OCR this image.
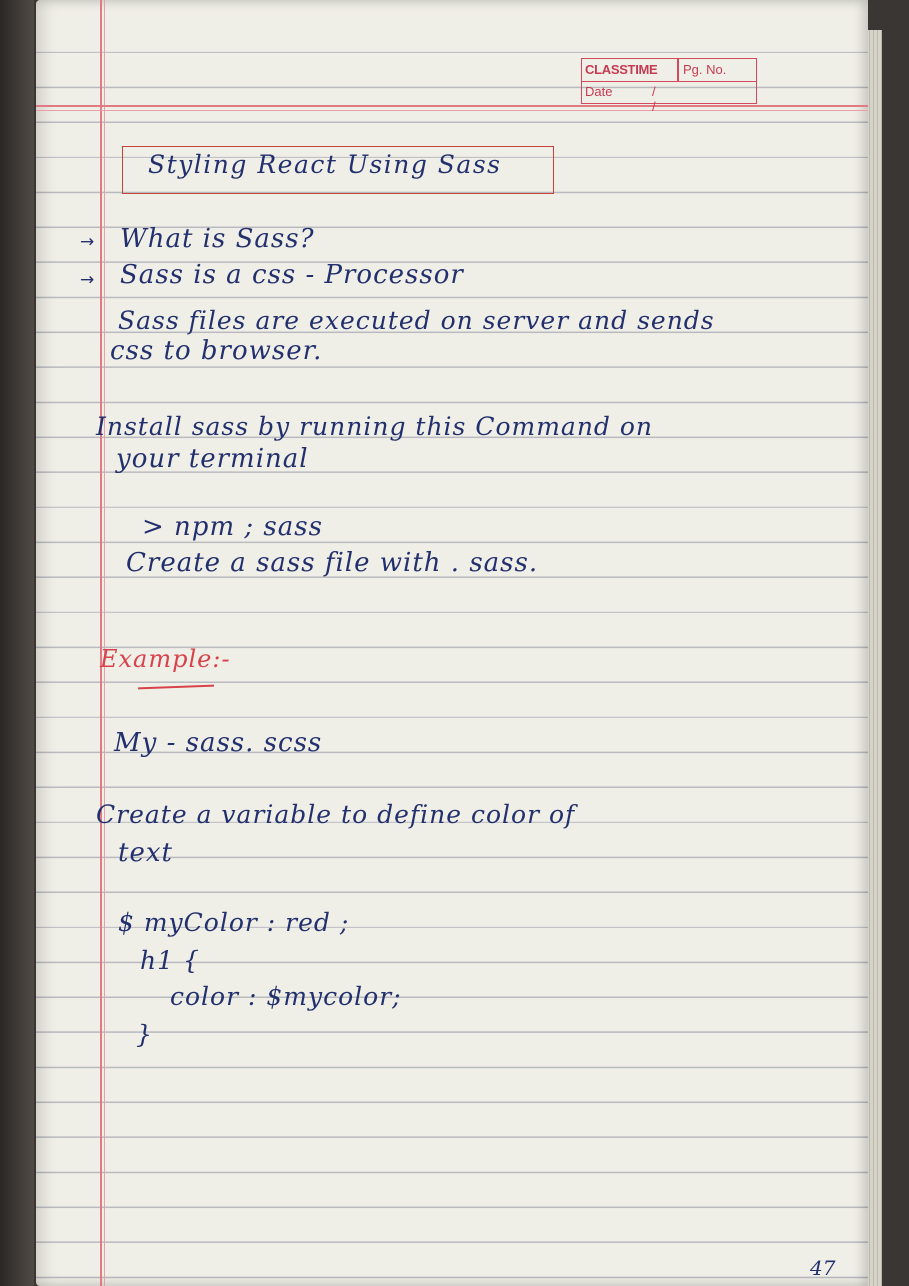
CLASSTIME Pg. No.
Date	/ /
Styling React Using Sass
→ What is Sass?
→ Sass is a css - Processor
Sass files are executed on server and sends
css to browser.
Install sass by running this Command on
your terminal
> npm ; sass
Create a sass file with . sass.
Example:-
My - sass. scss
Create a variable to define color of
text
$ myColor : red ;
h1 {
color : $mycolor;
}
47
